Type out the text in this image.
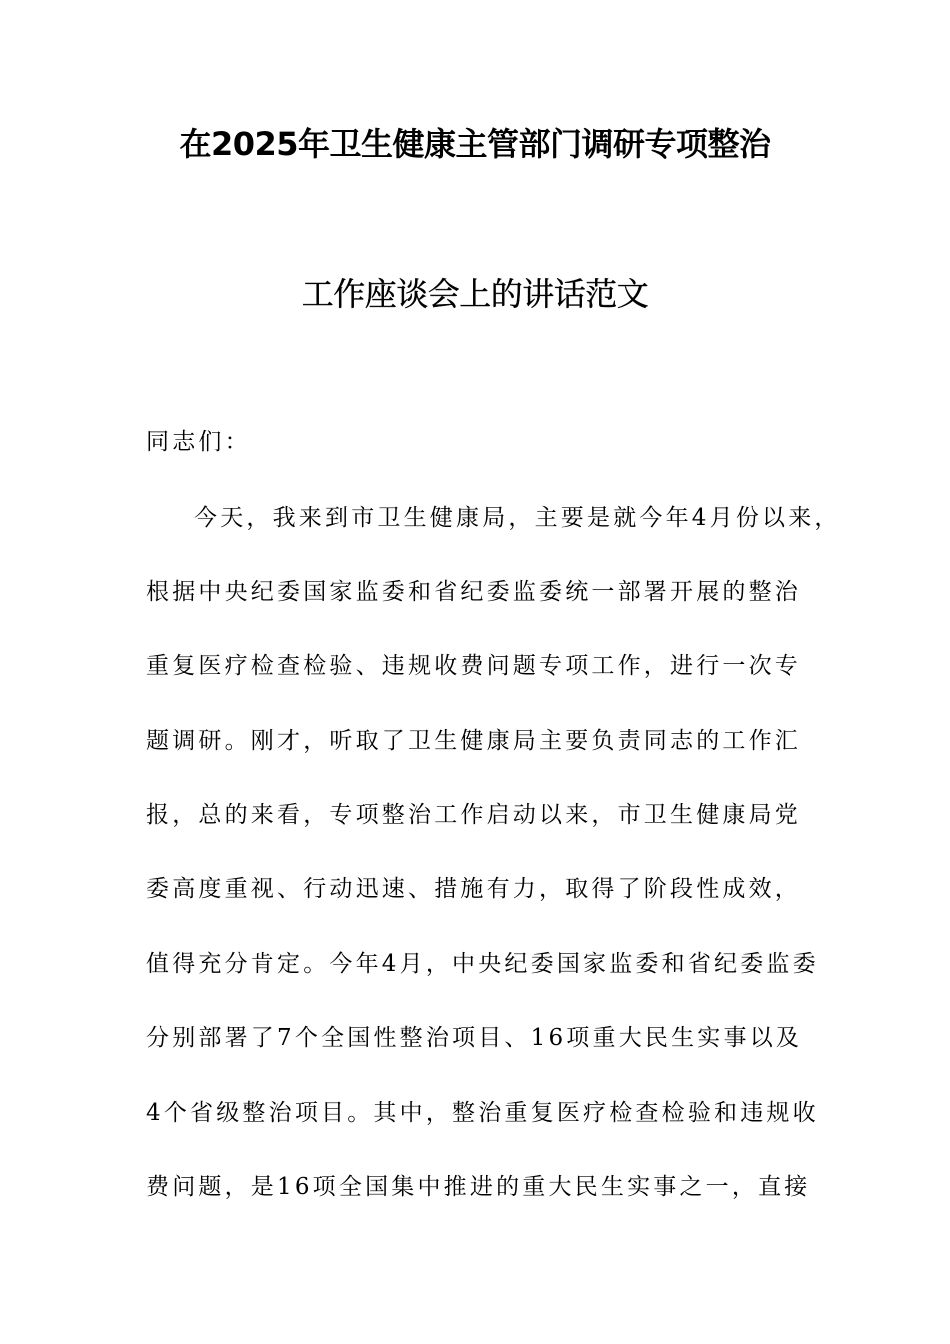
在2025年卫生健康主管部门调研专项整治
工作座谈会上的讲话范文
同志们：
今天，我来到市卫生健康局，主要是就今年4月份以来，
根据中央纪委国家监委和省纪委监委统一部署开展的整治
重复医疗检查检验、违规收费问题专项工作，进行一次专
题调研。刚才，听取了卫生健康局主要负责同志的工作汇
报，总的来看，专项整治工作启动以来，市卫生健康局党
委高度重视、行动迅速、措施有力，取得了阶段性成效，
值得充分肯定。今年4月，中央纪委国家监委和省纪委监委
分别部署了7个全国性整治项目、16项重大民生实事以及
4个省级整治项目。其中，整治重复医疗检查检验和违规收
费问题，是16项全国集中推进的重大民生实事之一，直接
